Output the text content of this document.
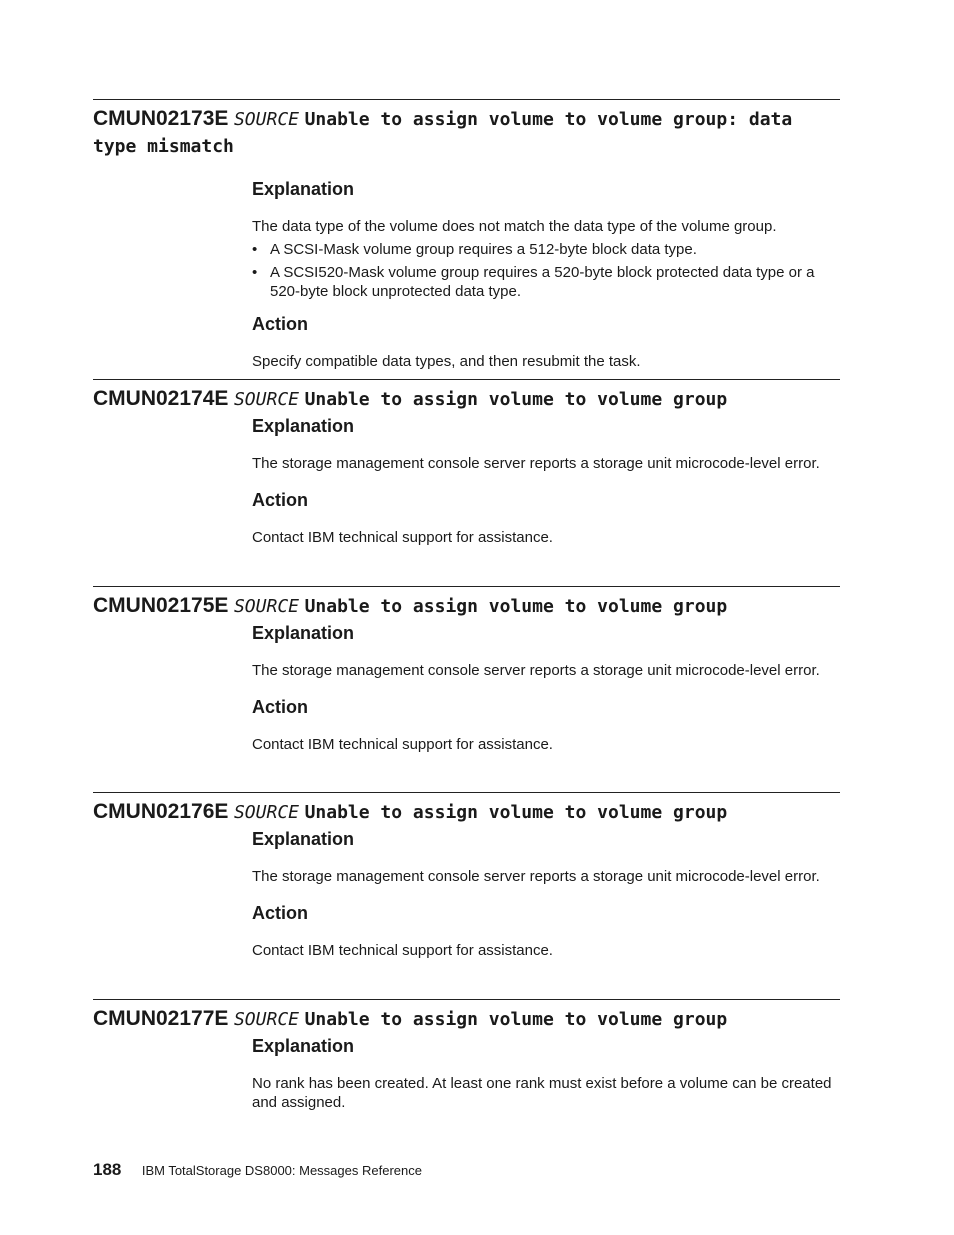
CMUN02173E SOURCE Unable to assign volume to volume group: data type mismatch
Explanation

The data type of the volume does not match the data type of the volume group.

• A SCSI-Mask volume group requires a 512-byte block data type.
• A SCSI520-Mask volume group requires a 520-byte block protected data type or a 520-byte block unprotected data type.
Action

Specify compatible data types, and then resubmit the task.

CMUN02174E SOURCE Unable to assign volume to volume group
Explanation

The storage management console server reports a storage unit microcode-level error.

Action

Contact IBM technical support for assistance.

CMUN02175E SOURCE Unable to assign volume to volume group
Explanation

The storage management console server reports a storage unit microcode-level error.

Action

Contact IBM technical support for assistance.

CMUN02176E SOURCE Unable to assign volume to volume group
Explanation

The storage management console server reports a storage unit microcode-level error.

Action

Contact IBM technical support for assistance.

CMUN02177E SOURCE Unable to assign volume to volume group
Explanation

No rank has been created. At least one rank must exist before a volume can be created and assigned.

188 IBM TotalStorage DS8000: Messages Reference
